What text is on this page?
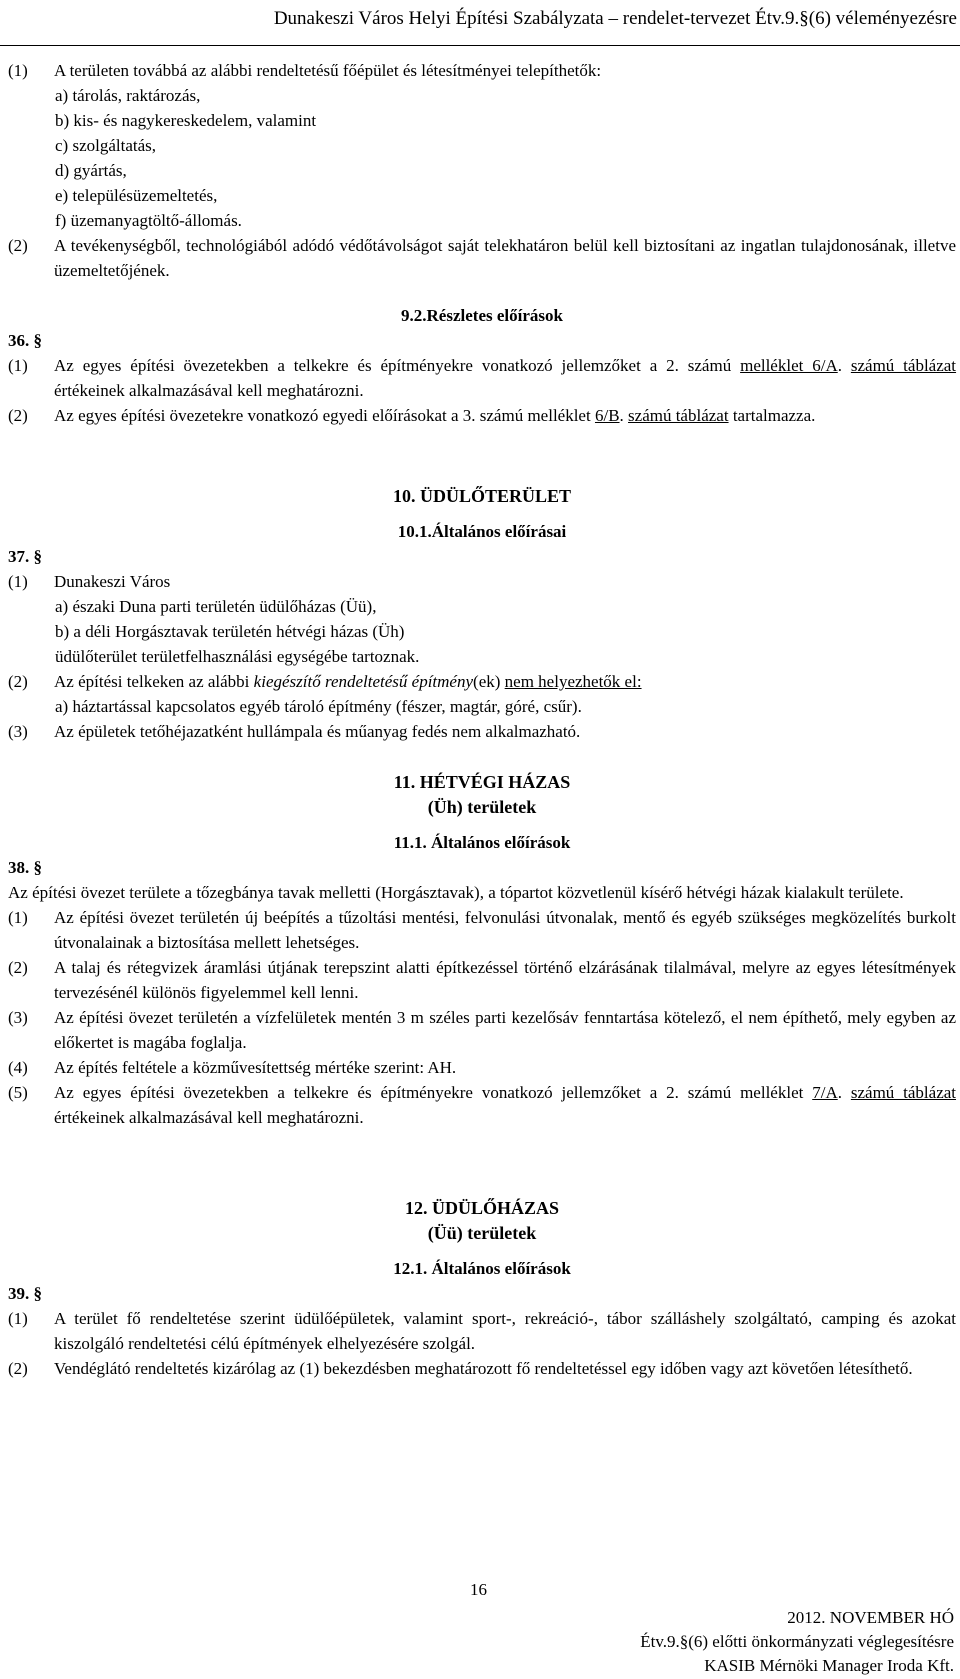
Dunakeszi Város Helyi Építési Szabályzata – rendelet-tervezet Étv.9.§(6) véleményezésre
(1) A területen továbbá az alábbi rendeltetésű főépület és létesítményei telepíthetők:
a) tárolás, raktározás,
b) kis- és nagykereskedelem, valamint
c) szolgáltatás,
d) gyártás,
e) településüzemeltetés,
f) üzemanyagtöltő-állomás.
(2) A tevékenységből, technológiából adódó védőtávolságot saját telekhatáron belül kell biztosítani az ingatlan tulajdonosának, illetve üzemeltetőjének.
9.2.Részletes előírások
36. §
(1) Az egyes építési övezetekben a telkekre és építményekre vonatkozó jellemzőket a 2. számú melléklet 6/A. számú táblázat értékeinek alkalmazásával kell meghatározni.
(2) Az egyes építési övezetekre vonatkozó egyedi előírásokat a 3. számú melléklet 6/B. számú táblázat tartalmazza.
10. ÜDÜLŐTERÜLET
10.1.Általános előírásai
37. §
(1) Dunakeszi Város
a) északi Duna parti területén üdülőházas (Üü),
b) a déli Horgásztavak területén hétvégi házas (Üh)
üdülőterület területfelhasználási egységébe tartoznak.
(2) Az építési telkeken az alábbi kiegészítő rendeltetésű építmény(ek) nem helyezhetők el:
a) háztartással kapcsolatos egyéb tároló építmény (fészer, magtár, góré, csűr).
(3) Az épületek tetőhéjazatként hullámpala és műanyag fedés nem alkalmazható.
11. HÉTVÉGI HÁZAS
(Üh) területek
11.1. Általános előírások
38. §
Az építési övezet területe a tőzegbánya tavak melletti (Horgásztavak), a tópartot közvetlenül kísérő hétvégi házak kialakult területe.
(1) Az építési övezet területén új beépítés a tűzoltási mentési, felvonulási útvonalak, mentő és egyéb szükséges megközelítés burkolt útvonalainak a biztosítása mellett lehetséges.
(2) A talaj és rétegvizek áramlási útjának terepszint alatti építkezéssel történő elzárásának tilalmával, melyre az egyes létesítmények tervezésénél különös figyelemmel kell lenni.
(3) Az építési övezet területén a vízfelületek mentén 3 m széles parti kezelősáv fenntartása kötelező, el nem építhető, mely egyben az előkertet is magába foglalja.
(4) Az építés feltétele a közművesítettség mértéke szerint: AH.
(5) Az egyes építési övezetekben a telkekre és építményekre vonatkozó jellemzőket a 2. számú melléklet 7/A. számú táblázat értékeinek alkalmazásával kell meghatározni.
12. ÜDÜLŐHÁZAS
(Üü) területek
12.1. Általános előírások
39. §
(1) A terület fő rendeltetése szerint üdülőépületek, valamint sport-, rekreáció-, tábor szálláshely szolgáltató, camping és azokat kiszolgáló rendeltetési célú építmények elhelyezésére szolgál.
(2) Vendéglátó rendeltetés kizárólag az (1) bekezdésben meghatározott fő rendeltetéssel egy időben vagy azt követően létesíthető.
16
2012. NOVEMBER HÓ
Étv.9.§(6) előtti önkormányzati véglegesítésre
KASIB Mérnöki Manager Iroda Kft.
